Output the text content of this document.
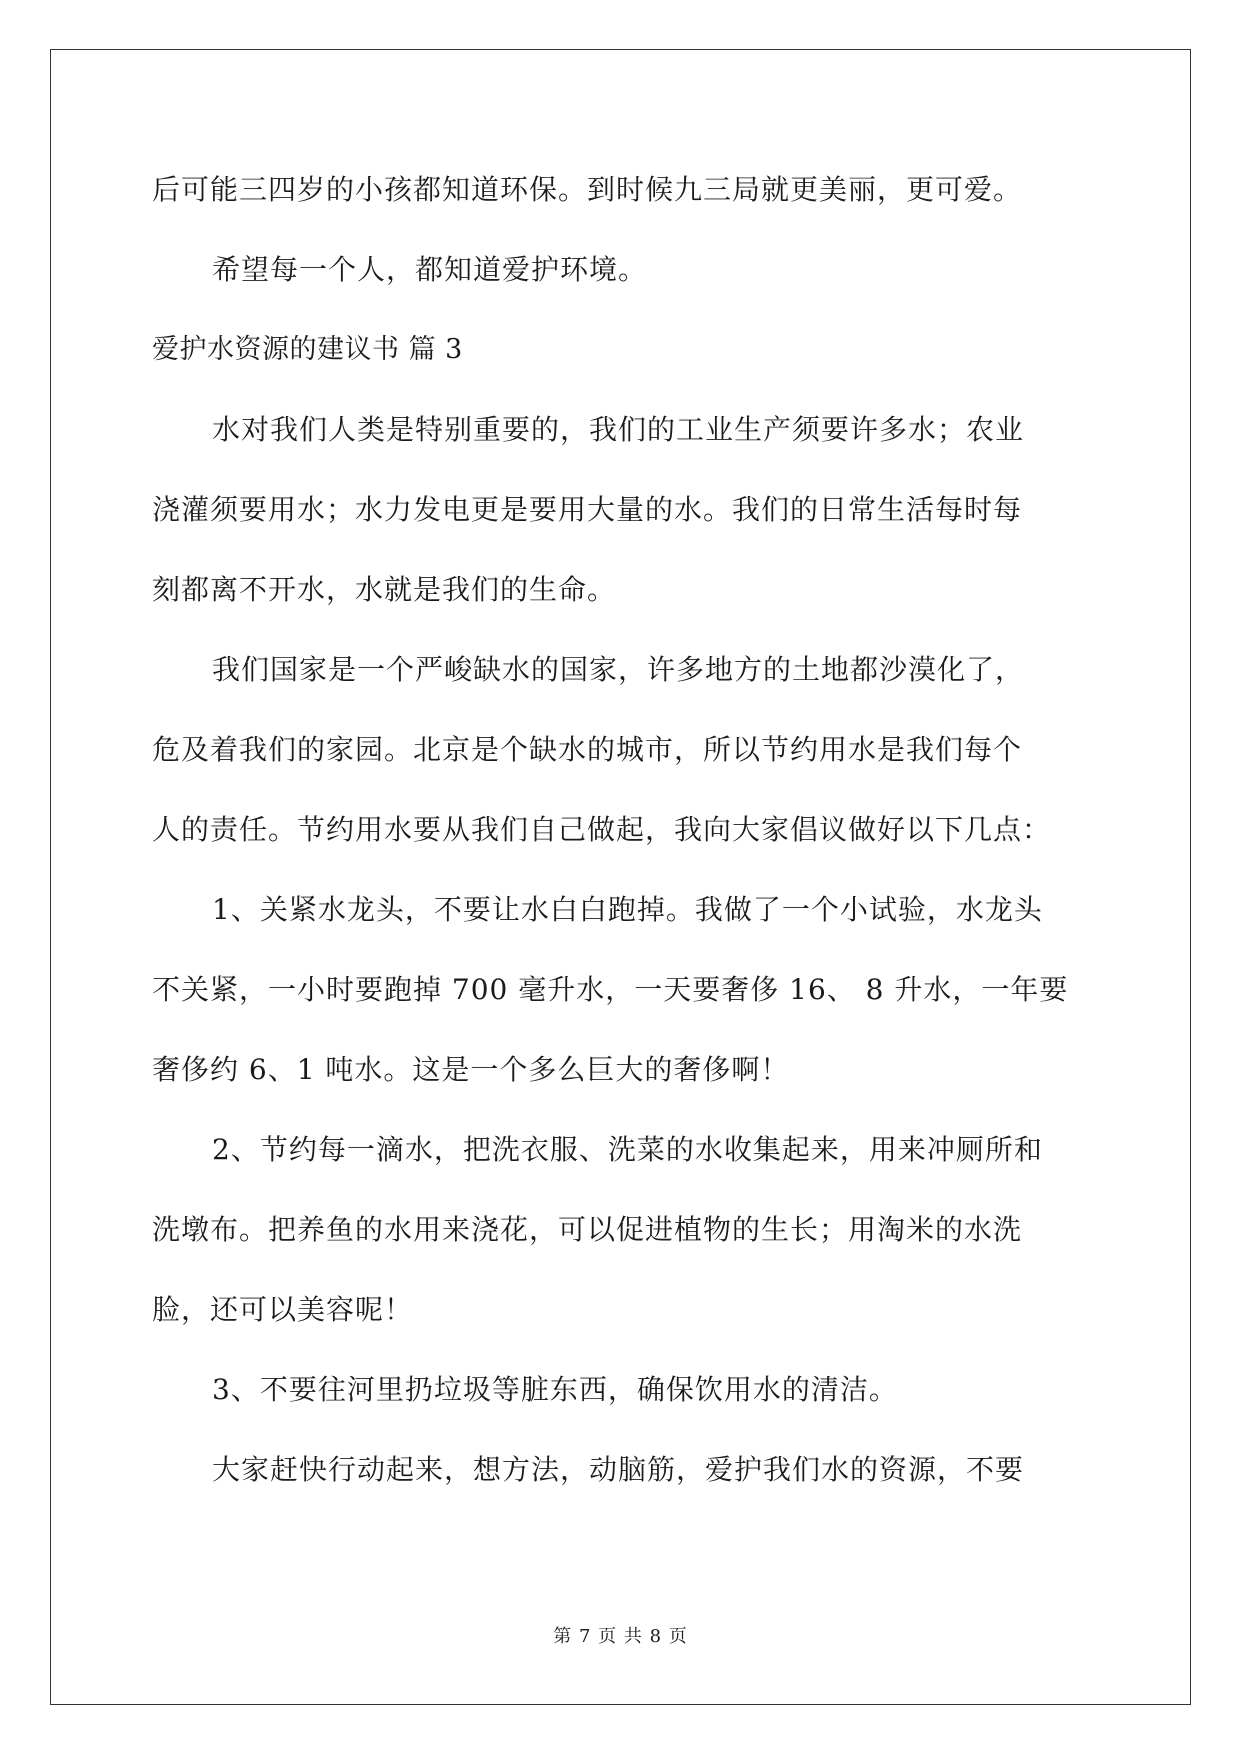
后可能三四岁的小孩都知道环保。到时候九三局就更美丽，更可爱。
希望每一个人，都知道爱护环境。
爱护水资源的建议书 篇 3
水对我们人类是特别重要的，我们的工业生产须要许多水；农业
浇灌须要用水；水力发电更是要用大量的水。我们的日常生活每时每
刻都离不开水，水就是我们的生命。
我们国家是一个严峻缺水的国家，许多地方的土地都沙漠化了，
危及着我们的家园。北京是个缺水的城市，所以节约用水是我们每个
人的责任。节约用水要从我们自己做起，我向大家倡议做好以下几点：
1、关紧水龙头，不要让水白白跑掉。我做了一个小试验，水龙头
不关紧，一小时要跑掉 700 毫升水，一天要奢侈 16、 8 升水，一年要
奢侈约 6、1 吨水。这是一个多么巨大的奢侈啊！
2、节约每一滴水，把洗衣服、洗菜的水收集起来，用来冲厕所和
洗墩布。把养鱼的水用来浇花，可以促进植物的生长；用淘米的水洗
脸，还可以美容呢！
3、不要往河里扔垃圾等脏东西，确保饮用水的清洁。
大家赶快行动起来，想方法，动脑筋，爱护我们水的资源，不要
第 7 页 共 8 页
